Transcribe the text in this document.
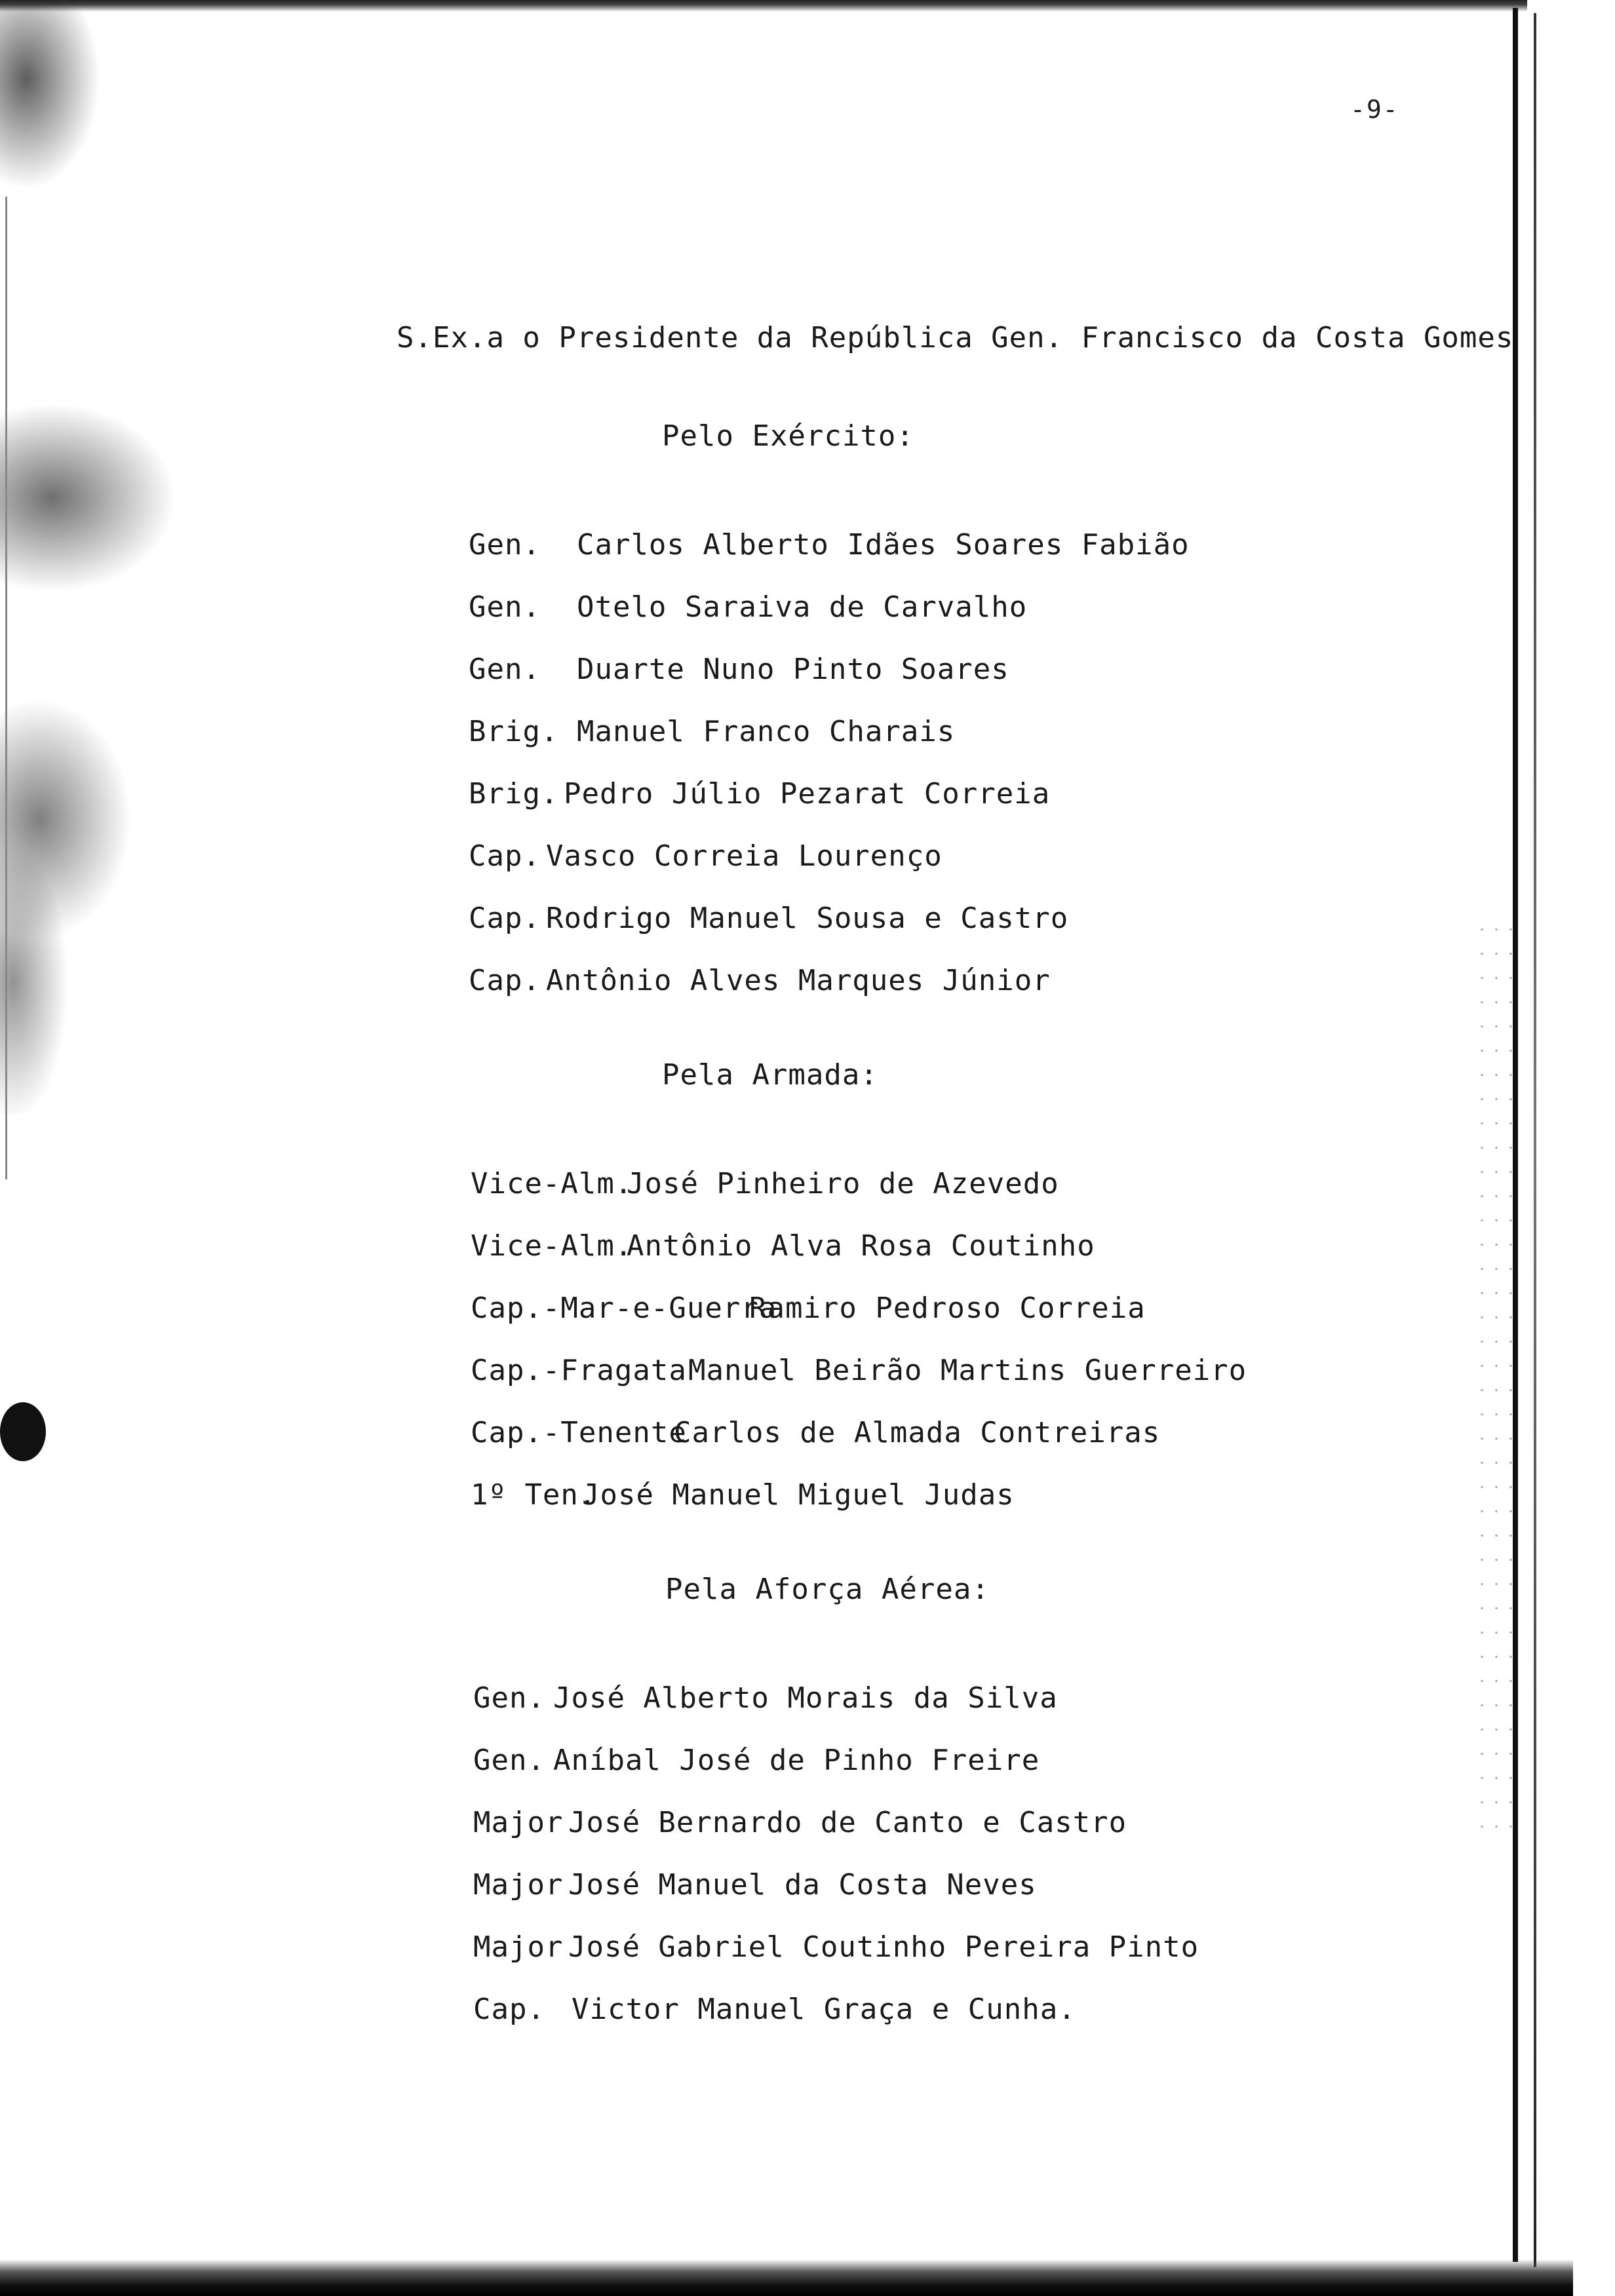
-9-
S.Ex.a o Presidente da República Gen. Francisco da Costa Gomes
Pelo Exército:

Gen. Carlos Alberto Idães Soares Fabião

Gen. Otelo Saraiva de Carvalho

Gen. Duarte Nuno Pinto Soares

Brig. Manuel Franco Charais

Brig. Pedro Júlio Pezarat Correia

Cap. Vasco Correia Lourenço

Cap. Rodrigo Manuel Sousa e Castro

Cap. Antônio Alves Marques Júnior

Pela Armada:

Vice-Alm.José Pinheiro de Azevedo

Vice-Alm.Antônio Alva Rosa Coutinho

Cap.-Mar-e-GuerraRamiro Pedroso Correia

Cap.-FragataManuel Beirão Martins Guerreiro

Cap.-TenenteCarlos de Almada Contreiras

1º Ten.José Manuel Miguel Judas

Pela Aforça Aérea:

Gen. José Alberto Morais da Silva

Gen. Aníbal José de Pinho Freire

Major José Bernardo de Canto e Castro

Major José Manuel da Costa Neves

Major José Gabriel Coutinho Pereira Pinto

Cap. Victor Manuel Graça e Cunha.
